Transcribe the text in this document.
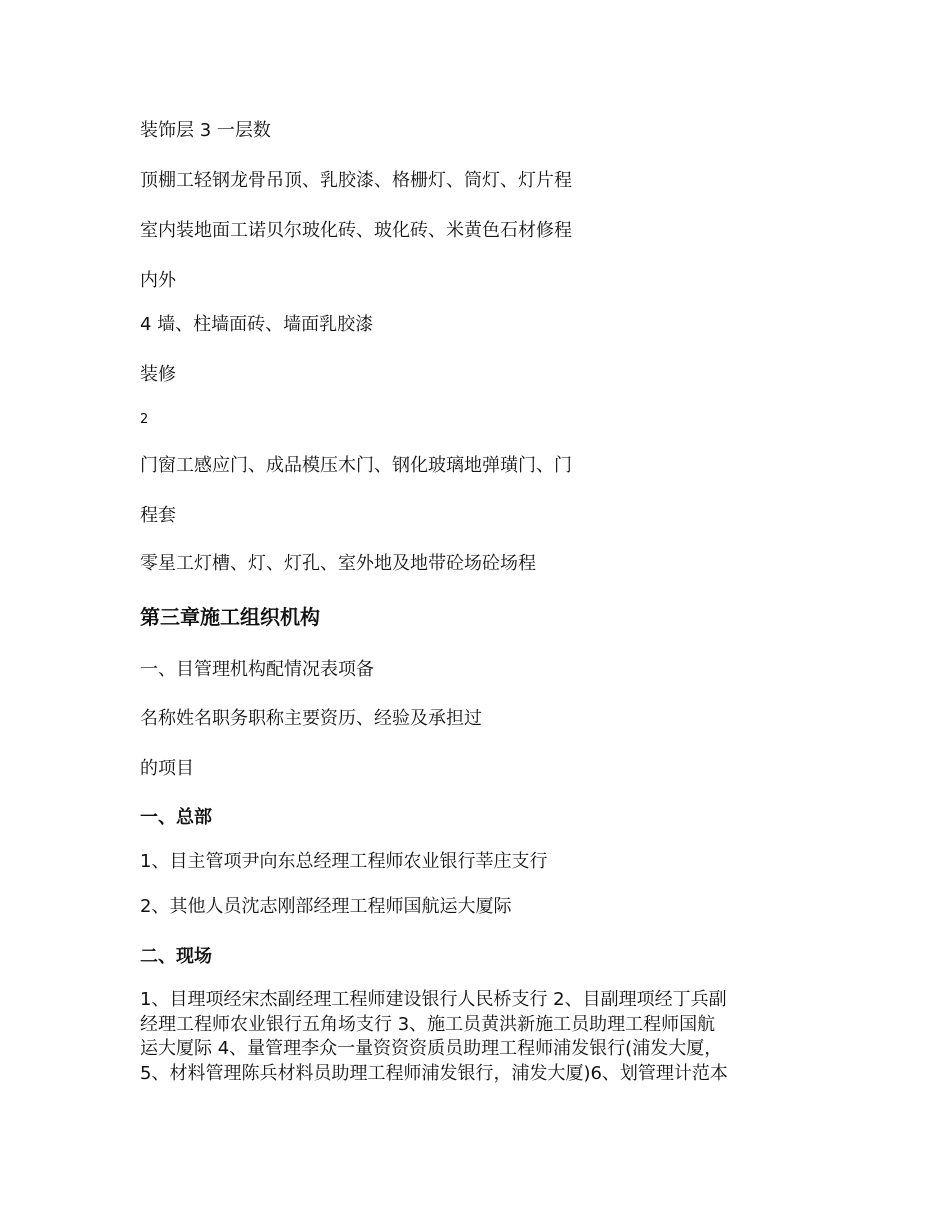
装饰层 3 一层数
顶棚工轻钢龙骨吊顶、乳胶漆、格栅灯、筒灯、灯片程
室内装地面工诺贝尔玻化砖、玻化砖、米黄色石材修程
内外
4 墙、柱墙面砖、墙面乳胶漆
装修
2
门窗工感应门、成品模压木门、钢化玻璃地弹璜门、门
程套
零星工灯槽、灯、灯孔、室外地及地带砼场砼场程
第三章施工组织机构
一、目管理机构配情况表项备
名称姓名职务职称主要资历、经验及承担过
的项目
一、总部
1、目主管项尹向东总经理工程师农业银行莘庄支行
2、其他人员沈志刚部经理工程师国航运大厦际
二、现场
1、目理项经宋杰副经理工程师建设银行人民桥支行 2、目副理项经丁兵副
经理工程师农业银行五角场支行 3、施工员黄洪新施工员助理工程师国航
运大厦际 4、量管理李众一量资资资质员助理工程师浦发银行(浦发大厦，
5、材料管理陈兵材料员助理工程师浦发银行，浦发大厦)6、划管理计范本
